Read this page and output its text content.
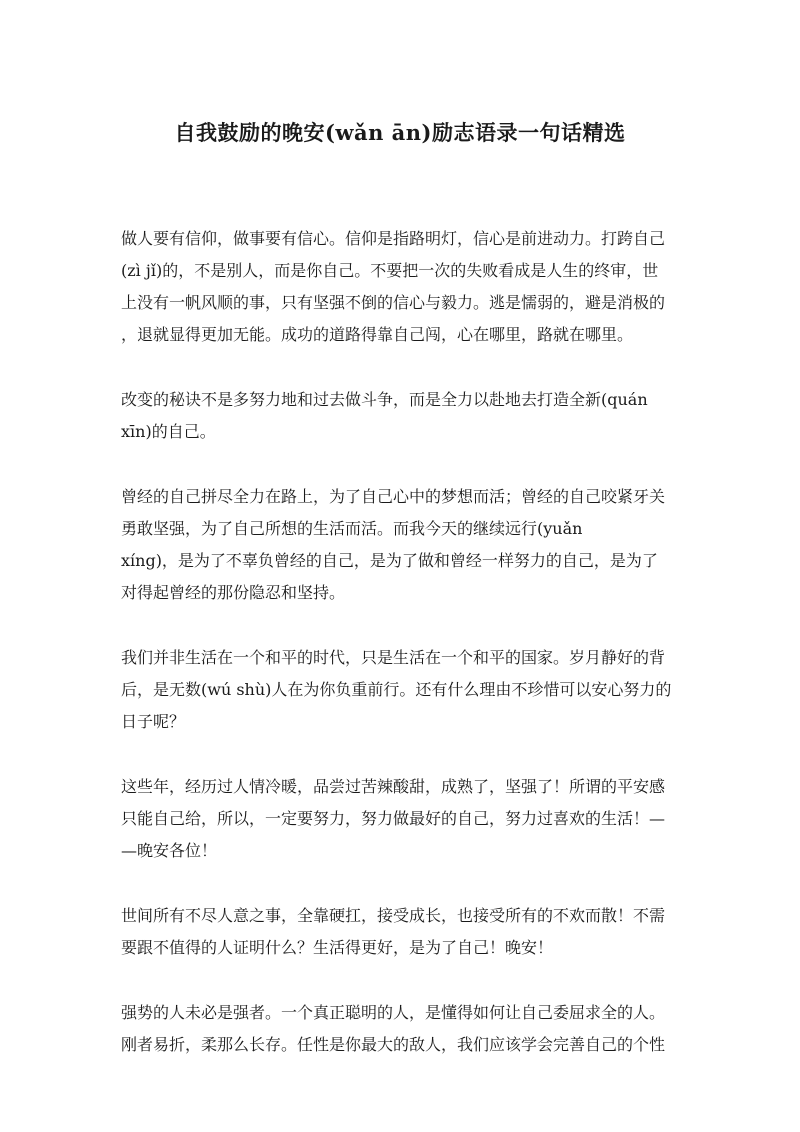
自我鼓励的晚安(wǎn ān)励志语录一句话精选
做人要有信仰，做事要有信心。信仰是指路明灯，信心是前进动力。打跨自己
(zì jǐ)的，不是别人，而是你自己。不要把一次的失败看成是人生的终审，世
上没有一帆风顺的事，只有坚强不倒的信心与毅力。逃是懦弱的，避是消极的
，退就显得更加无能。成功的道路得靠自己闯，心在哪里，路就在哪里。
改变的秘诀不是多努力地和过去做斗争，而是全力以赴地去打造全新(quán
xīn)的自己。
曾经的自己拼尽全力在路上，为了自己心中的梦想而活；曾经的自己咬紧牙关
勇敢坚强，为了自己所想的生活而活。而我今天的继续远行(yuǎn
xíng)，是为了不辜负曾经的自己，是为了做和曾经一样努力的自己，是为了
对得起曾经的那份隐忍和坚持。
我们并非生活在一个和平的时代，只是生活在一个和平的国家。岁月静好的背
后，是无数(wú shù)人在为你负重前行。还有什么理由不珍惜可以安心努力的
日子呢？
这些年，经历过人情冷暖，品尝过苦辣酸甜，成熟了，坚强了！所谓的平安感
只能自己给，所以，一定要努力，努力做最好的自己，努力过喜欢的生活！—
—晚安各位！
世间所有不尽人意之事，全靠硬扛，接受成长，也接受所有的不欢而散！不需
要跟不值得的人证明什么？生活得更好，是为了自己！晚安！
强势的人未必是强者。一个真正聪明的人，是懂得如何让自己委屈求全的人。
刚者易折，柔那么长存。任性是你最大的敌人，我们应该学会完善自己的个性
